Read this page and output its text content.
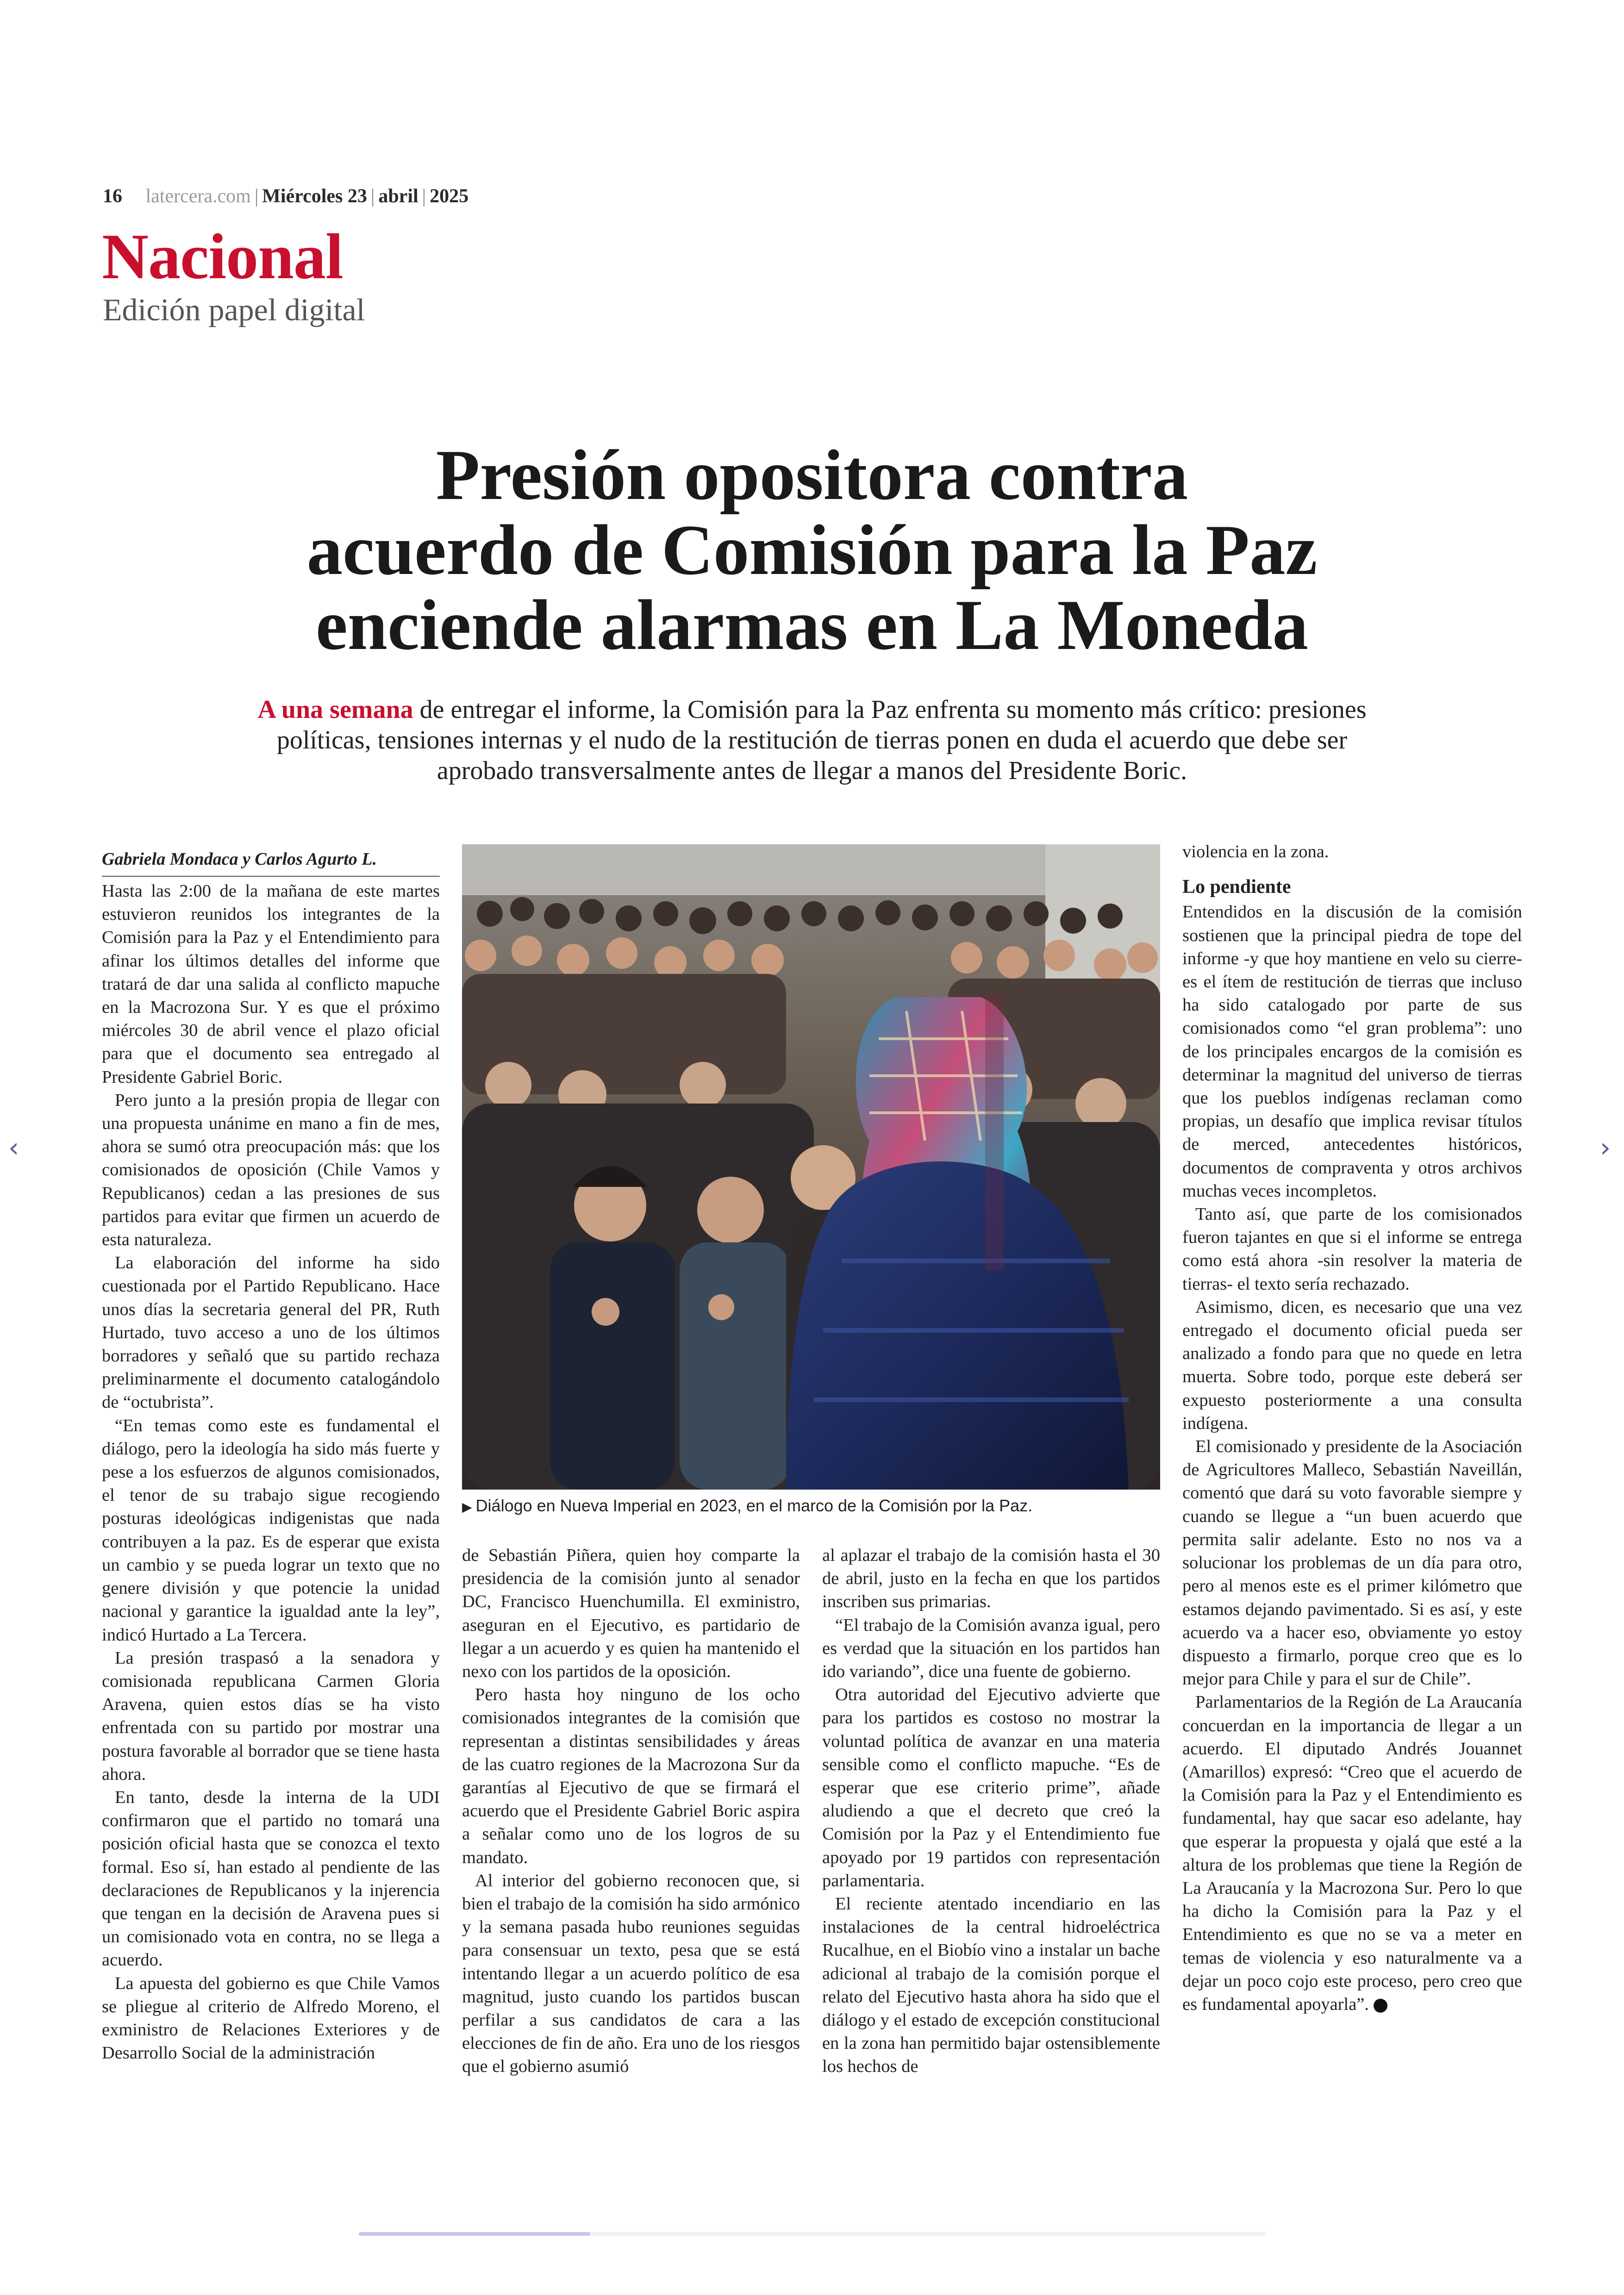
16 latercera.com | Miércoles 23 | abril | 2025
Nacional
Edición papel digital
Presión opositora contra
acuerdo de Comisión para la Paz
enciende alarmas en La Moneda
A una semana de entregar el informe, la Comisión para la Paz enfrenta su momento más crítico: presiones políticas, tensiones internas y el nudo de la restitución de tierras ponen en duda el acuerdo que debe ser aprobado transversalmente antes de llegar a manos del Presidente Boric.
Gabriela Mondaca y Carlos Agurto L.

Hasta las 2:00 de la mañana de este martes estuvieron reunidos los integrantes de la Comisión para la Paz y el Entendimiento para afinar los últimos detalles del informe que tratará de dar una salida al conflicto mapuche en la Macrozona Sur. Y es que el próximo miércoles 30 de abril vence el plazo oficial para que el documento sea entregado al Presidente Gabriel Boric.

Pero junto a la presión propia de llegar con una propuesta unánime en mano a fin de mes, ahora se sumó otra preocupación más: que los comisionados de oposición (Chile Vamos y Republicanos) cedan a las presiones de sus partidos para evitar que firmen un acuerdo de esta naturaleza.

La elaboración del informe ha sido cuestionada por el Partido Republicano. Hace unos días la secretaria general del PR, Ruth Hurtado, tuvo acceso a uno de los últimos borradores y señaló que su partido rechaza preliminarmente el documento catalogándolo de “octubrista”.

“En temas como este es fundamental el diálogo, pero la ideología ha sido más fuerte y pese a los esfuerzos de algunos comisionados, el tenor de su trabajo sigue recogiendo posturas ideológicas indigenistas que nada contribuyen a la paz. Es de esperar que exista un cambio y se pueda lograr un texto que no genere división y que potencie la unidad nacional y garantice la igualdad ante la ley”, indicó Hurtado a La Tercera.

La presión traspasó a la senadora y comisionada republicana Carmen Gloria Aravena, quien estos días se ha visto enfrentada con su partido por mostrar una postura favorable al borrador que se tiene hasta ahora.

En tanto, desde la interna de la UDI confirmaron que el partido no tomará una posición oficial hasta que se conozca el texto formal. Eso sí, han estado al pendiente de las declaraciones de Republicanos y la injerencia que tengan en la decisión de Aravena pues si un comisionado vota en contra, no se llega a acuerdo.

La apuesta del gobierno es que Chile Vamos se pliegue al criterio de Alfredo Moreno, el exministro de Relaciones Exteriores y de Desarrollo Social de la administración

▶ Diálogo en Nueva Imperial en 2023, en el marco de la Comisión por la Paz.

de Sebastián Piñera, quien hoy comparte la presidencia de la comisión junto al senador DC, Francisco Huenchumilla. El exministro, aseguran en el Ejecutivo, es partidario de llegar a un acuerdo y es quien ha mantenido el nexo con los partidos de la oposición.

Pero hasta hoy ninguno de los ocho comisionados integrantes de la comisión que representan a distintas sensibilidades y áreas de las cuatro regiones de la Macrozona Sur da garantías al Ejecutivo de que se firmará el acuerdo que el Presidente Gabriel Boric aspira a señalar como uno de los logros de su mandato.

Al interior del gobierno reconocen que, si bien el trabajo de la comisión ha sido armónico y la semana pasada hubo reuniones seguidas para consensuar un texto, pesa que se está intentando llegar a un acuerdo político de esa magnitud, justo cuando los partidos buscan perfilar a sus candidatos de cara a las elecciones de fin de año. Era uno de los riesgos que el gobierno asumió

al aplazar el trabajo de la comisión hasta el 30 de abril, justo en la fecha en que los partidos inscriben sus primarias.

“El trabajo de la Comisión avanza igual, pero es verdad que la situación en los partidos han ido variando”, dice una fuente de gobierno.

Otra autoridad del Ejecutivo advierte que para los partidos es costoso no mostrar la voluntad política de avanzar en una materia sensible como el conflicto mapuche. “Es de esperar que ese criterio prime”, añade aludiendo a que el decreto que creó la Comisión por la Paz y el Entendimiento fue apoyado por 19 partidos con representación parlamentaria.

El reciente atentado incendiario en las instalaciones de la central hidroeléctrica Rucalhue, en el Biobío vino a instalar un bache adicional al trabajo de la comisión porque el relato del Ejecutivo hasta ahora ha sido que el diálogo y el estado de excepción constitucional en la zona han permitido bajar ostensiblemente los hechos de

violencia en la zona.

Lo pendiente

Entendidos en la discusión de la comisión sostienen que la principal piedra de tope del informe -y que hoy mantiene en velo su cierre- es el ítem de restitución de tierras que incluso ha sido catalogado por parte de sus comisionados como “el gran problema”: uno de los principales encargos de la comisión es determinar la magnitud del universo de tierras que los pueblos indígenas reclaman como propias, un desafío que implica revisar títulos de merced, antecedentes históricos, documentos de compraventa y otros archivos muchas veces incompletos.

Tanto así, que parte de los comisionados fueron tajantes en que si el informe se entrega como está ahora -sin resolver la materia de tierras- el texto sería rechazado.

Asimismo, dicen, es necesario que una vez entregado el documento oficial pueda ser analizado a fondo para que no quede en letra muerta. Sobre todo, porque este deberá ser expuesto posteriormente a una consulta indígena.

El comisionado y presidente de la Asociación de Agricultores Malleco, Sebastián Naveillán, comentó que dará su voto favorable siempre y cuando se llegue a “un buen acuerdo que permita salir adelante. Esto no nos va a solucionar los problemas de un día para otro, pero al menos este es el primer kilómetro que estamos dejando pavimentado. Si es así, y este acuerdo va a hacer eso, obviamente yo estoy dispuesto a firmarlo, porque creo que es lo mejor para Chile y para el sur de Chile”.

Parlamentarios de la Región de La Araucanía concuerdan en la importancia de llegar a un acuerdo. El diputado Andrés Jouannet (Amarillos) expresó: “Creo que el acuerdo de la Comisión para la Paz y el Entendimiento es fundamental, hay que sacar eso adelante, hay que esperar la propuesta y ojalá que esté a la altura de los problemas que tiene la Región de La Araucanía y la Macrozona Sur. Pero lo que ha dicho la Comisión para la Paz y el Entendimiento es que no se va a meter en temas de violencia y eso naturalmente va a dejar un poco cojo este proceso, pero creo que es fundamental apoyarla”.

‹	›
